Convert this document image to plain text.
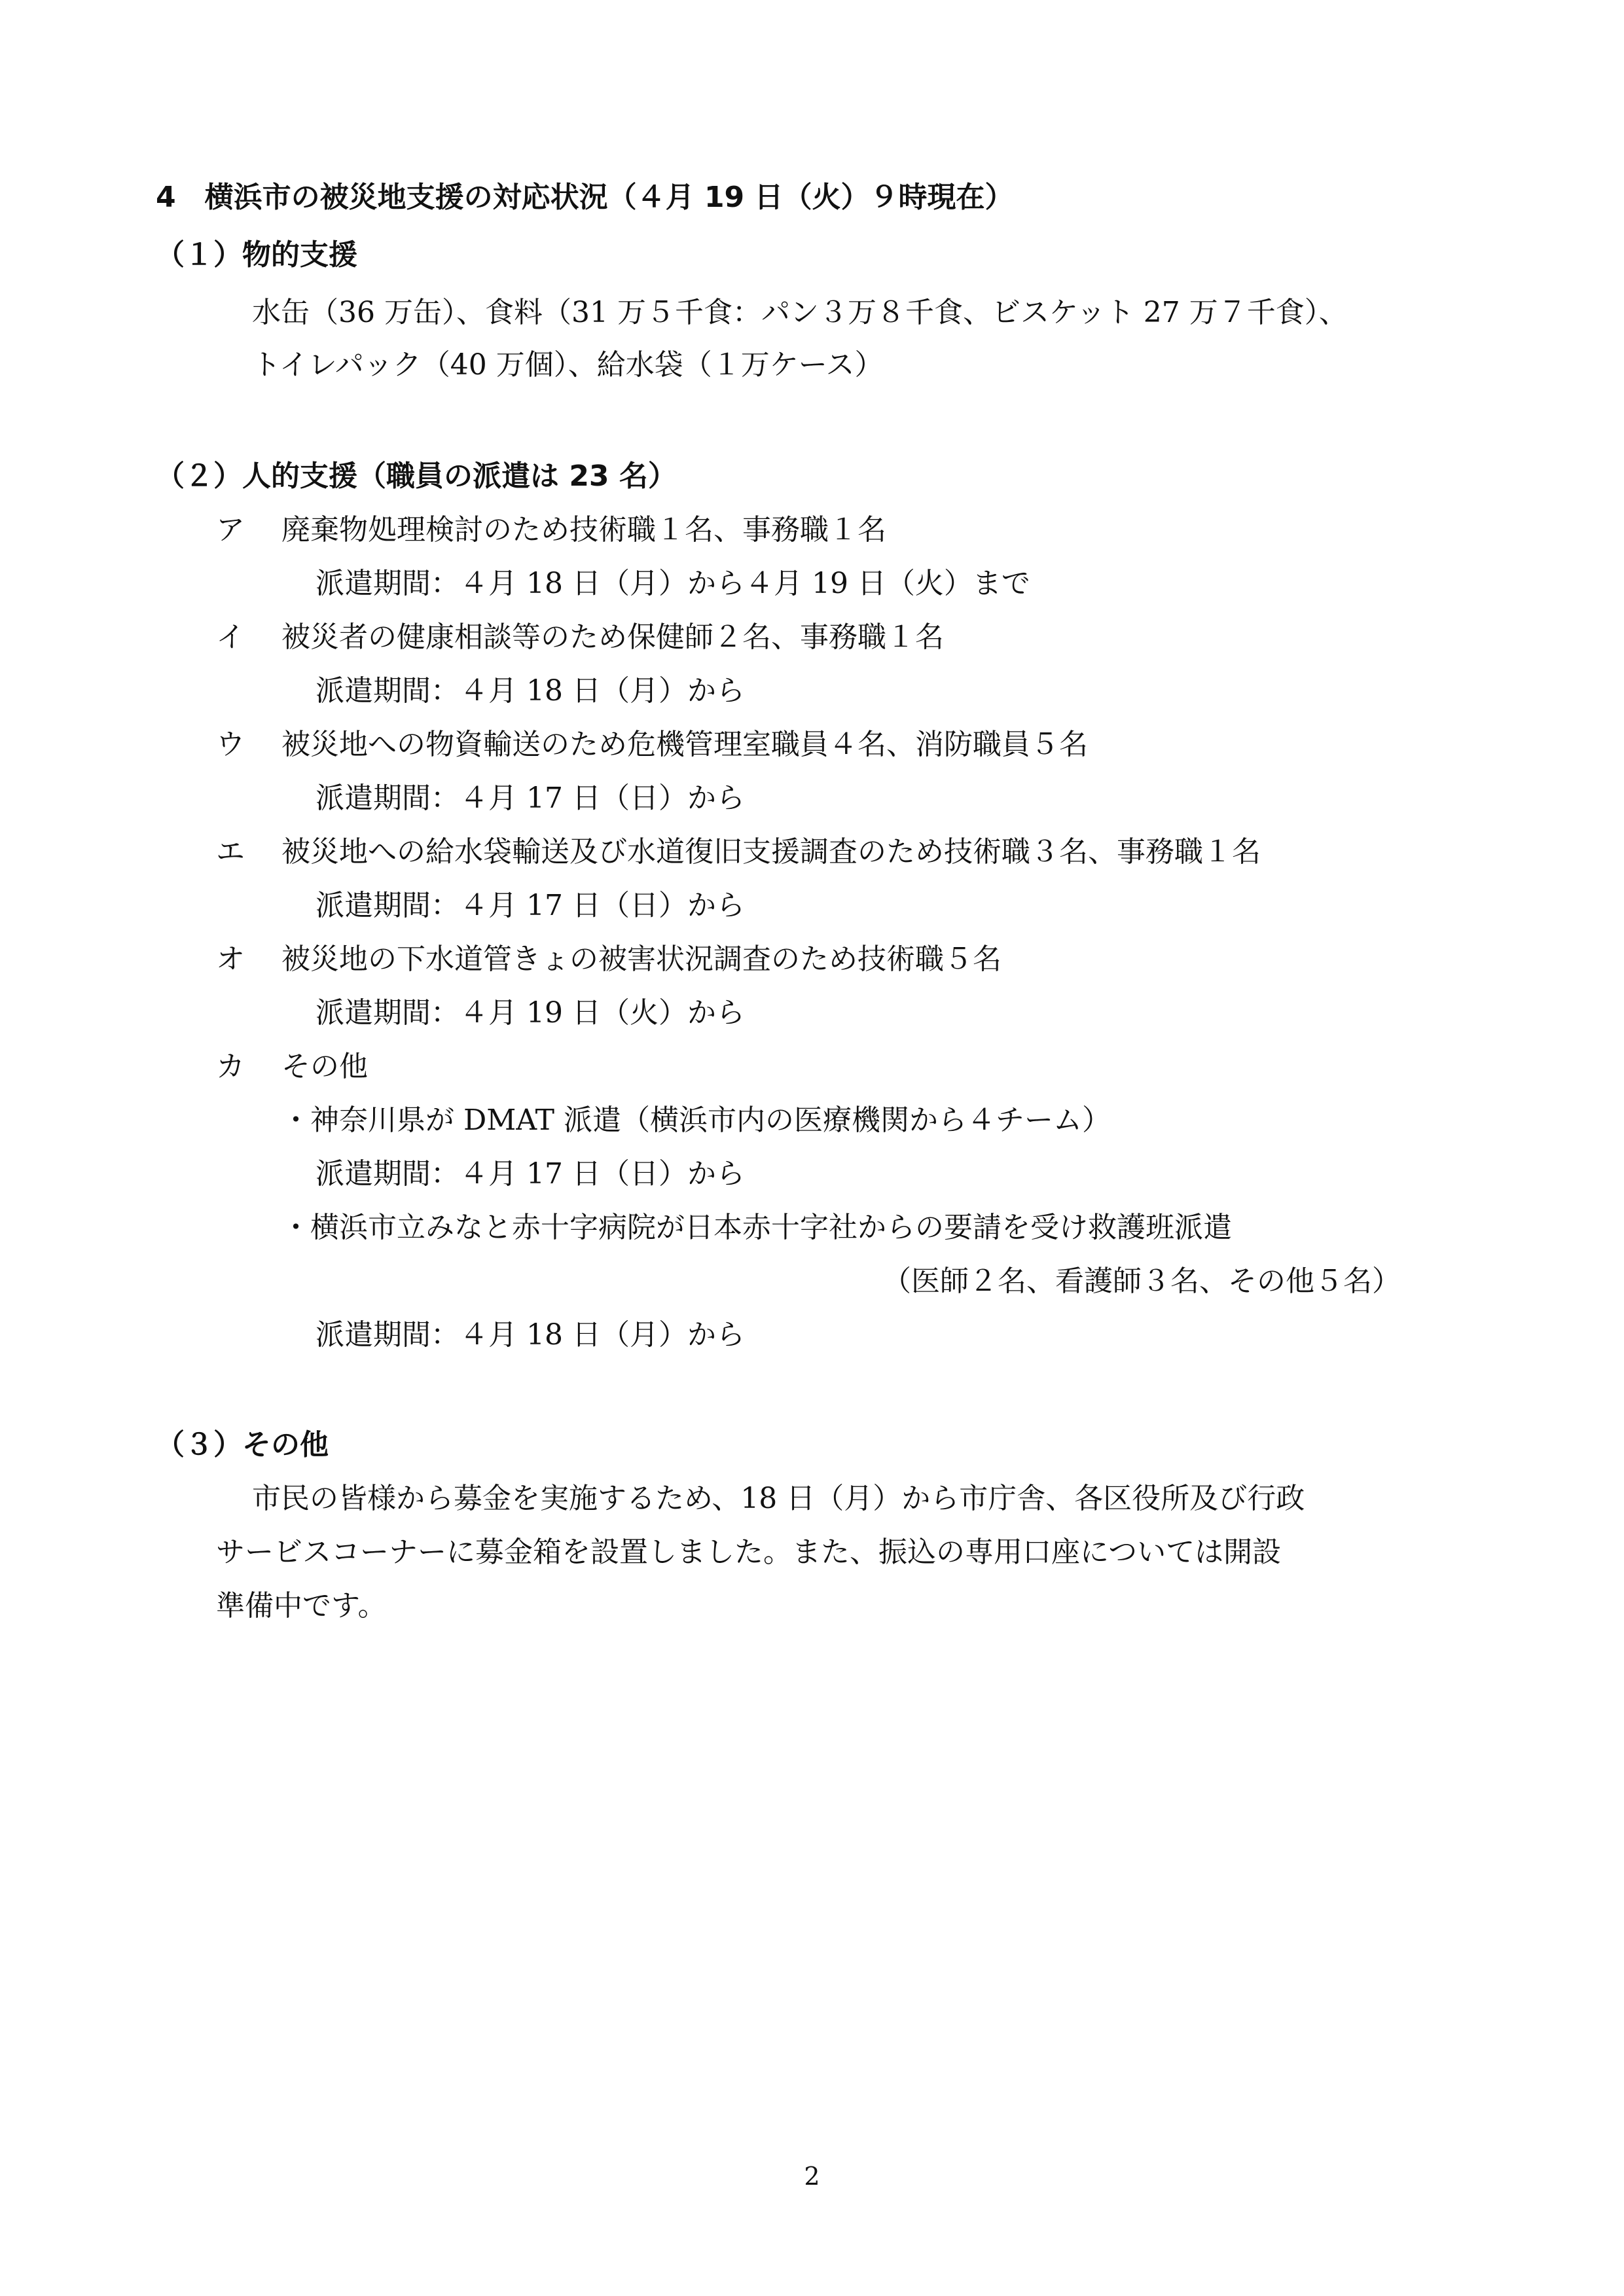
4 横浜市の被災地支援の対応状況（４月 19 日（火）９時現在）
（１）物的支援
水缶（36 万缶）、食料（31 万５千食：パン３万８千食、ビスケット 27 万７千食）、
トイレパック（40 万個）、給水袋（１万ケース）
（２）人的支援（職員の派遣は 23 名）
ア 廃棄物処理検討のため技術職１名、事務職１名
派遣期間：４月 18 日（月）から４月 19 日（火）まで
イ 被災者の健康相談等のため保健師２名、事務職１名
派遣期間：４月 18 日（月）から
ウ 被災地への物資輸送のため危機管理室職員４名、消防職員５名
派遣期間：４月 17 日（日）から
エ 被災地への給水袋輸送及び水道復旧支援調査のため技術職３名、事務職１名
派遣期間：４月 17 日（日）から
オ 被災地の下水道管きょの被害状況調査のため技術職５名
派遣期間：４月 19 日（火）から
カ その他
・神奈川県が DMAT 派遣（横浜市内の医療機関から４チーム）
派遣期間：４月 17 日（日）から
・横浜市立みなと赤十字病院が日本赤十字社からの要請を受け救護班派遣
（医師２名、看護師３名、その他５名）
派遣期間：４月 18 日（月）から
（３）その他
市民の皆様から募金を実施するため、18 日（月）から市庁舎、各区役所及び行政
サービスコーナーに募金箱を設置しました。また、振込の専用口座については開設
準備中です。
2
